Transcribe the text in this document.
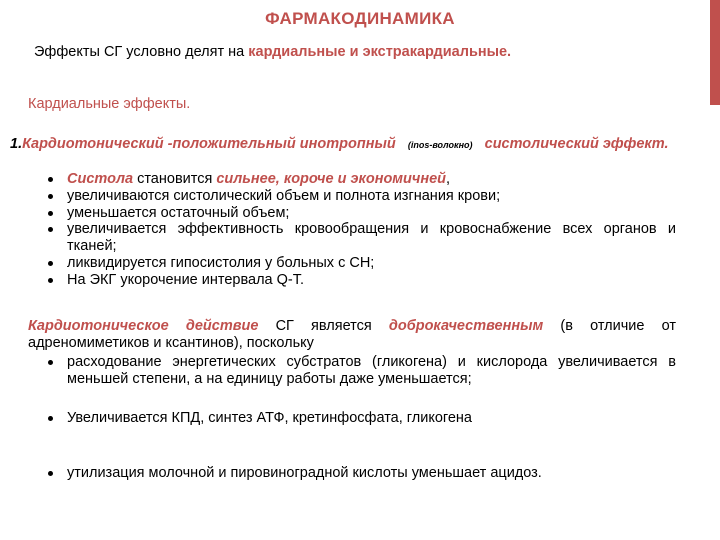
ФАРМАКОДИНАМИКА
Эффекты СГ условно делят на кардиальные и экстракардиальные.
Кардиальные эффекты.
1.Кардиотонический -положительный инотропный (inos-волокно) систолический эффект.
Систола становится сильнее, короче и экономичней,
увеличиваются систолический объем и полнота изгнания крови;
уменьшается остаточный объем;
увеличивается эффективность кровообращения и кровоснабжение всех органов и тканей;
ликвидируется гипосистолия у больных с СН;
На ЭКГ укорочение интервала Q-T.
Кардиотоническое действие СГ является доброкачественным (в отличие от адреномиметиков и ксантинов), поскольку
расходование энергетических субстратов (гликогена) и кислорода увеличивается в меньшей степени, а на единицу работы даже уменьшается;
Увеличивается КПД, синтез АТФ, кретинфосфата, гликогена
утилизация молочной и пировиноградной кислоты уменьшает ацидоз.
